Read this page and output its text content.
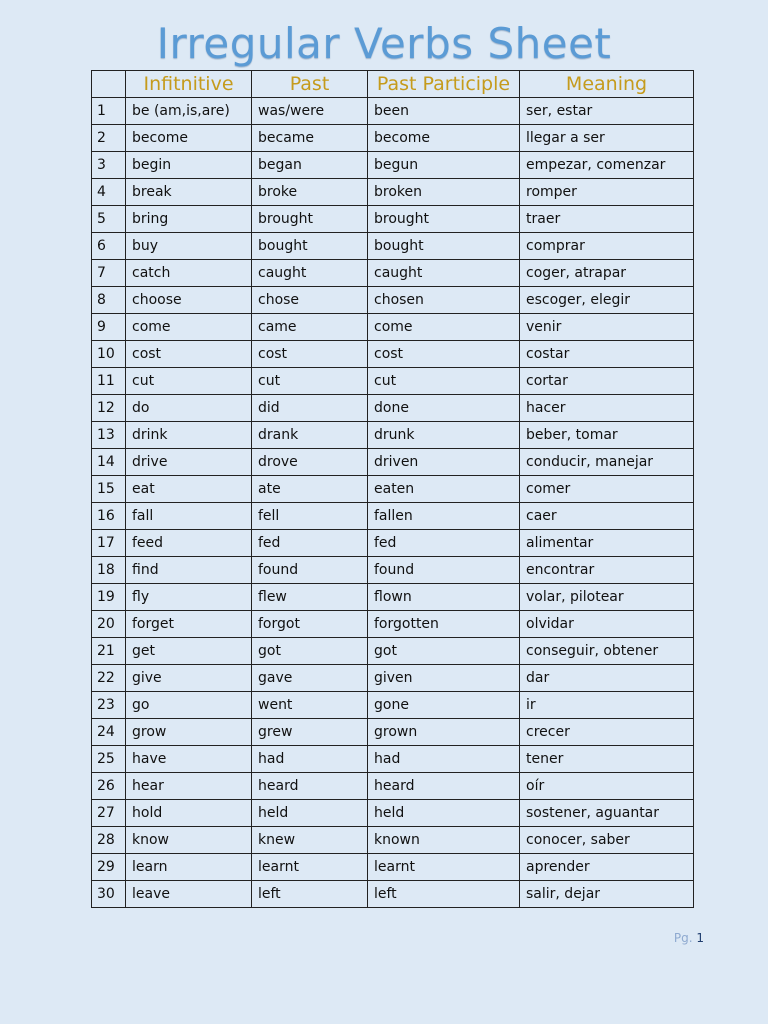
Irregular Verbs Sheet
	Infitnitive	Past	Past Participle	Meaning
1	be (am,is,are)	was/were	been	ser, estar
2	become	became	become	llegar a ser
3	begin	began	begun	empezar, comenzar
4	break	broke	broken	romper
5	bring	brought	brought	traer
6	buy	bought	bought	comprar
7	catch	caught	caught	coger, atrapar
8	choose	chose	chosen	escoger, elegir
9	come	came	come	venir
10	cost	cost	cost	costar
11	cut	cut	cut	cortar
12	do	did	done	hacer
13	drink	drank	drunk	beber, tomar
14	drive	drove	driven	conducir, manejar
15	eat	ate	eaten	comer
16	fall	fell	fallen	caer
17	feed	fed	fed	alimentar
18	find	found	found	encontrar
19	fly	flew	flown	volar, pilotear
20	forget	forgot	forgotten	olvidar
21	get	got	got	conseguir, obtener
22	give	gave	given	dar
23	go	went	gone	ir
24	grow	grew	grown	crecer
25	have	had	had	tener
26	hear	heard	heard	oír
27	hold	held	held	sostener, aguantar
28	know	knew	known	conocer, saber
29	learn	learnt	learnt	aprender
30	leave	left	left	salir, dejar
Pg. 1
